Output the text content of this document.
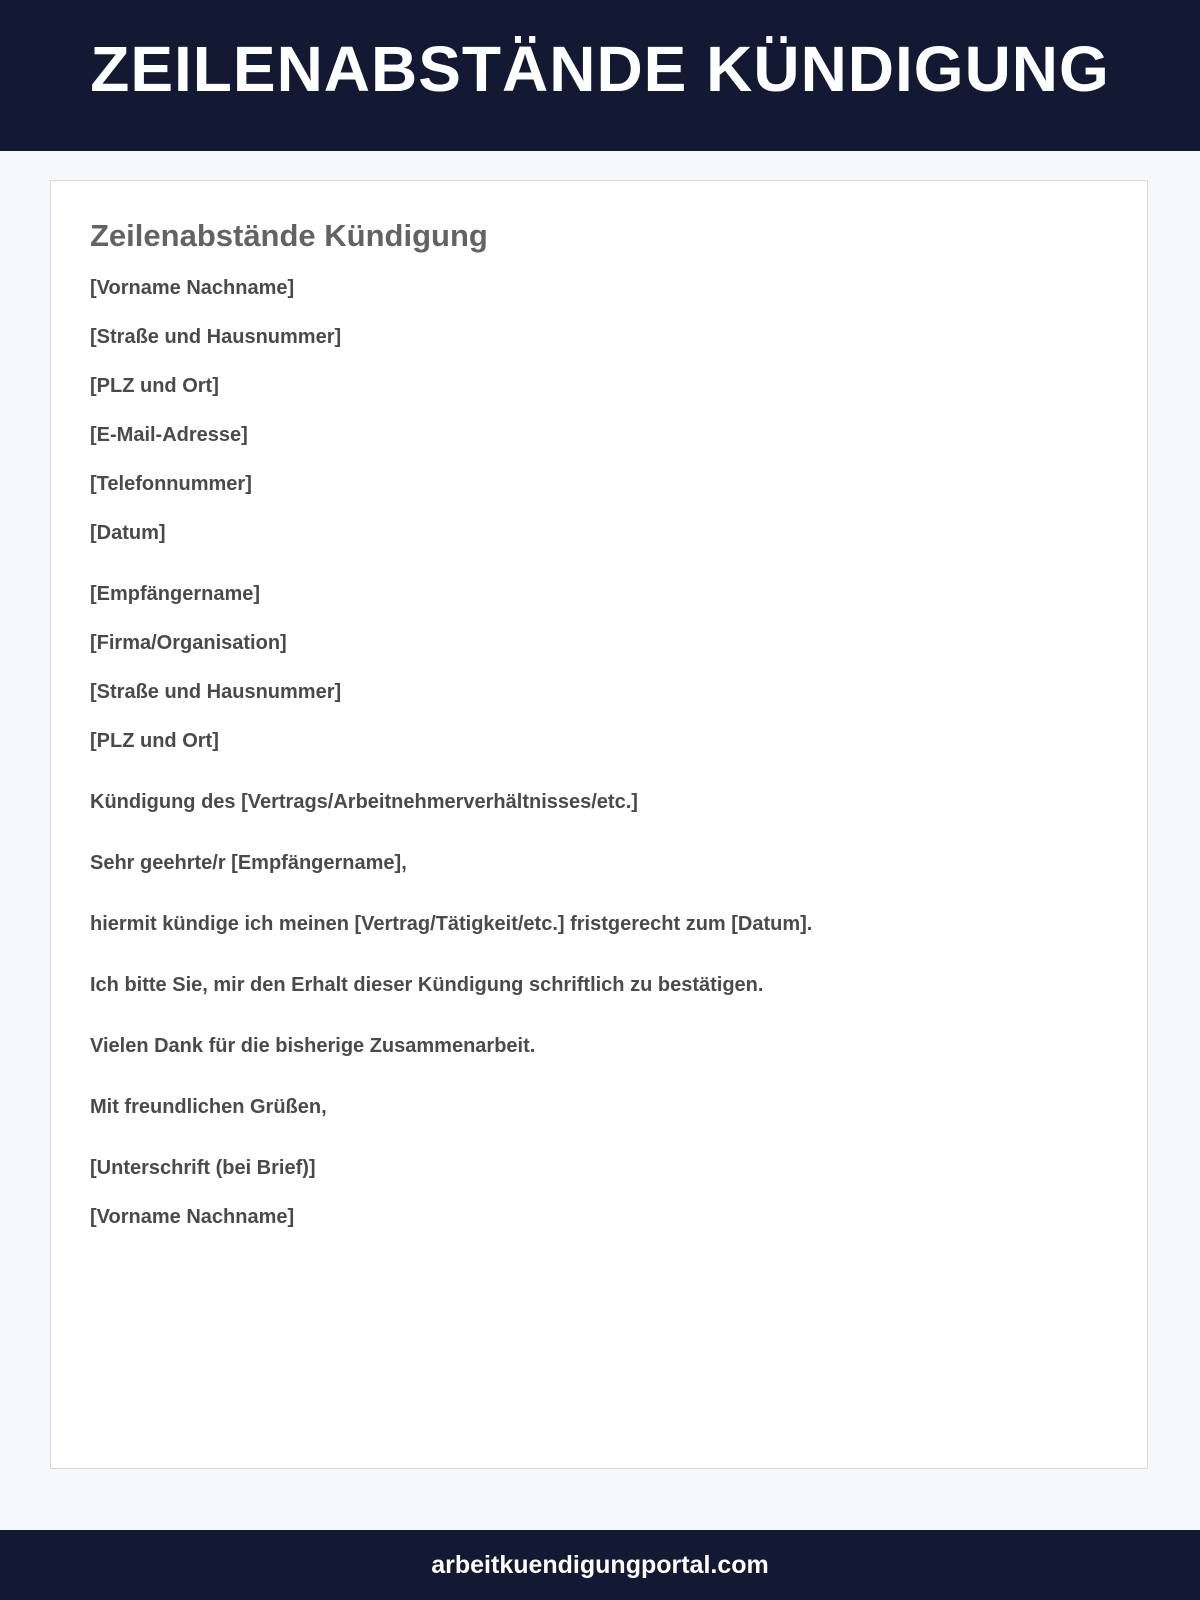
ZEILENABSTÄNDE KÜNDIGUNG
Zeilenabstände Kündigung

[Vorname Nachname]

[Straße und Hausnummer]

[PLZ und Ort]

[E-Mail-Adresse]

[Telefonnummer]

[Datum]

[Empfängername]

[Firma/Organisation]

[Straße und Hausnummer]

[PLZ und Ort]

Kündigung des [Vertrags/Arbeitnehmerverhältnisses/etc.]

Sehr geehrte/r [Empfängername],

hiermit kündige ich meinen [Vertrag/Tätigkeit/etc.] fristgerecht zum [Datum].

Ich bitte Sie, mir den Erhalt dieser Kündigung schriftlich zu bestätigen.

Vielen Dank für die bisherige Zusammenarbeit.

Mit freundlichen Grüßen,

[Unterschrift (bei Brief)]

[Vorname Nachname]

arbeitkuendigungportal.com
